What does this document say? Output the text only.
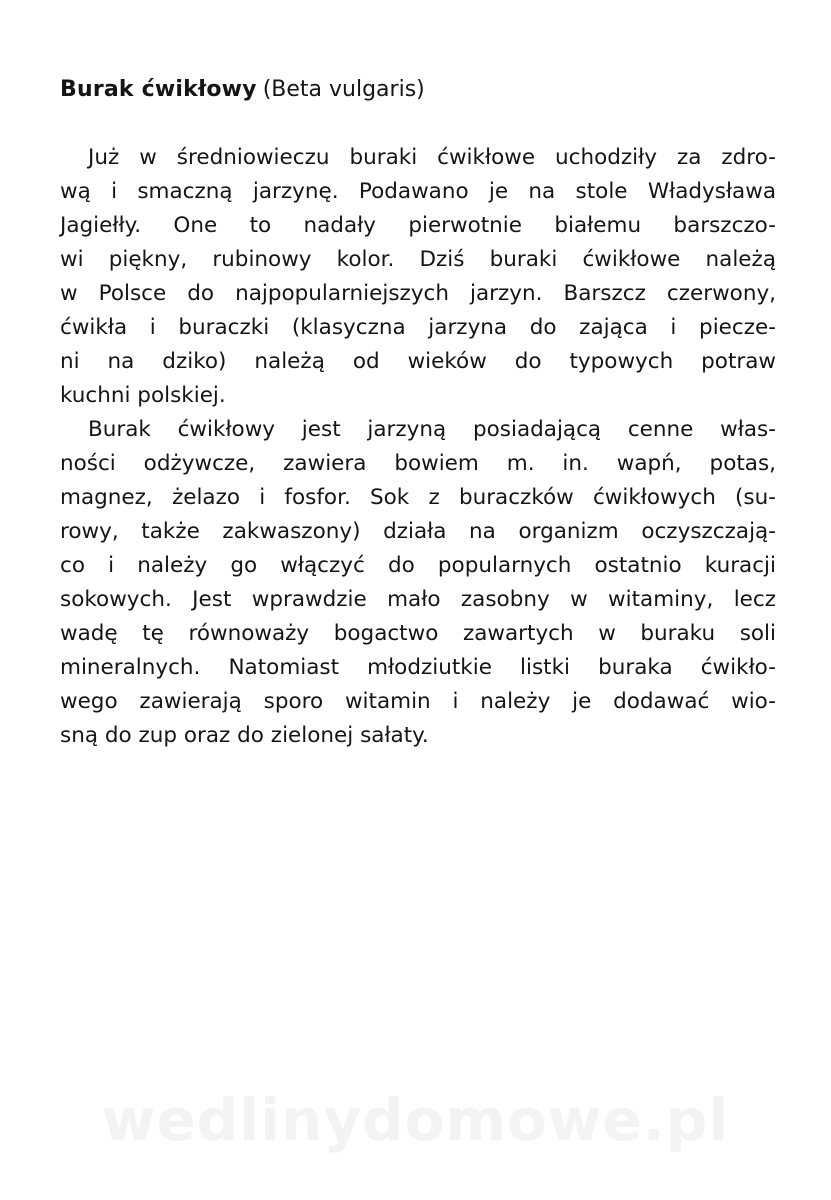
Burak ćwikłowy (Beta vulgaris)
Już w średniowieczu buraki ćwikłowe uchodziły za zdro-
wą i smaczną jarzynę. Podawano je na stole Władysława
Jagiełły. One to nadały pierwotnie białemu barszczo-
wi piękny, rubinowy kolor. Dziś buraki ćwikłowe należą
w Polsce do najpopularniejszych jarzyn. Barszcz czerwony,
ćwikła i buraczki (klasyczna jarzyna do zająca i piecze-
ni na dziko) należą od wieków do typowych potraw
kuchni polskiej.
Burak ćwikłowy jest jarzyną posiadającą cenne włas-
ności odżywcze, zawiera bowiem m. in. wapń, potas,
magnez, żelazo i fosfor. Sok z buraczków ćwikłowych (su-
rowy, także zakwaszony) działa na organizm oczyszczają-
co i należy go włączyć do popularnych ostatnio kuracji
sokowych. Jest wprawdzie mało zasobny w witaminy, lecz
wadę tę równoważy bogactwo zawartych w buraku soli
mineralnych. Natomiast młodziutkie listki buraka ćwikło-
wego zawierają sporo witamin i należy je dodawać wio-
sną do zup oraz do zielonej sałaty.
wedlinydomowe.pl
